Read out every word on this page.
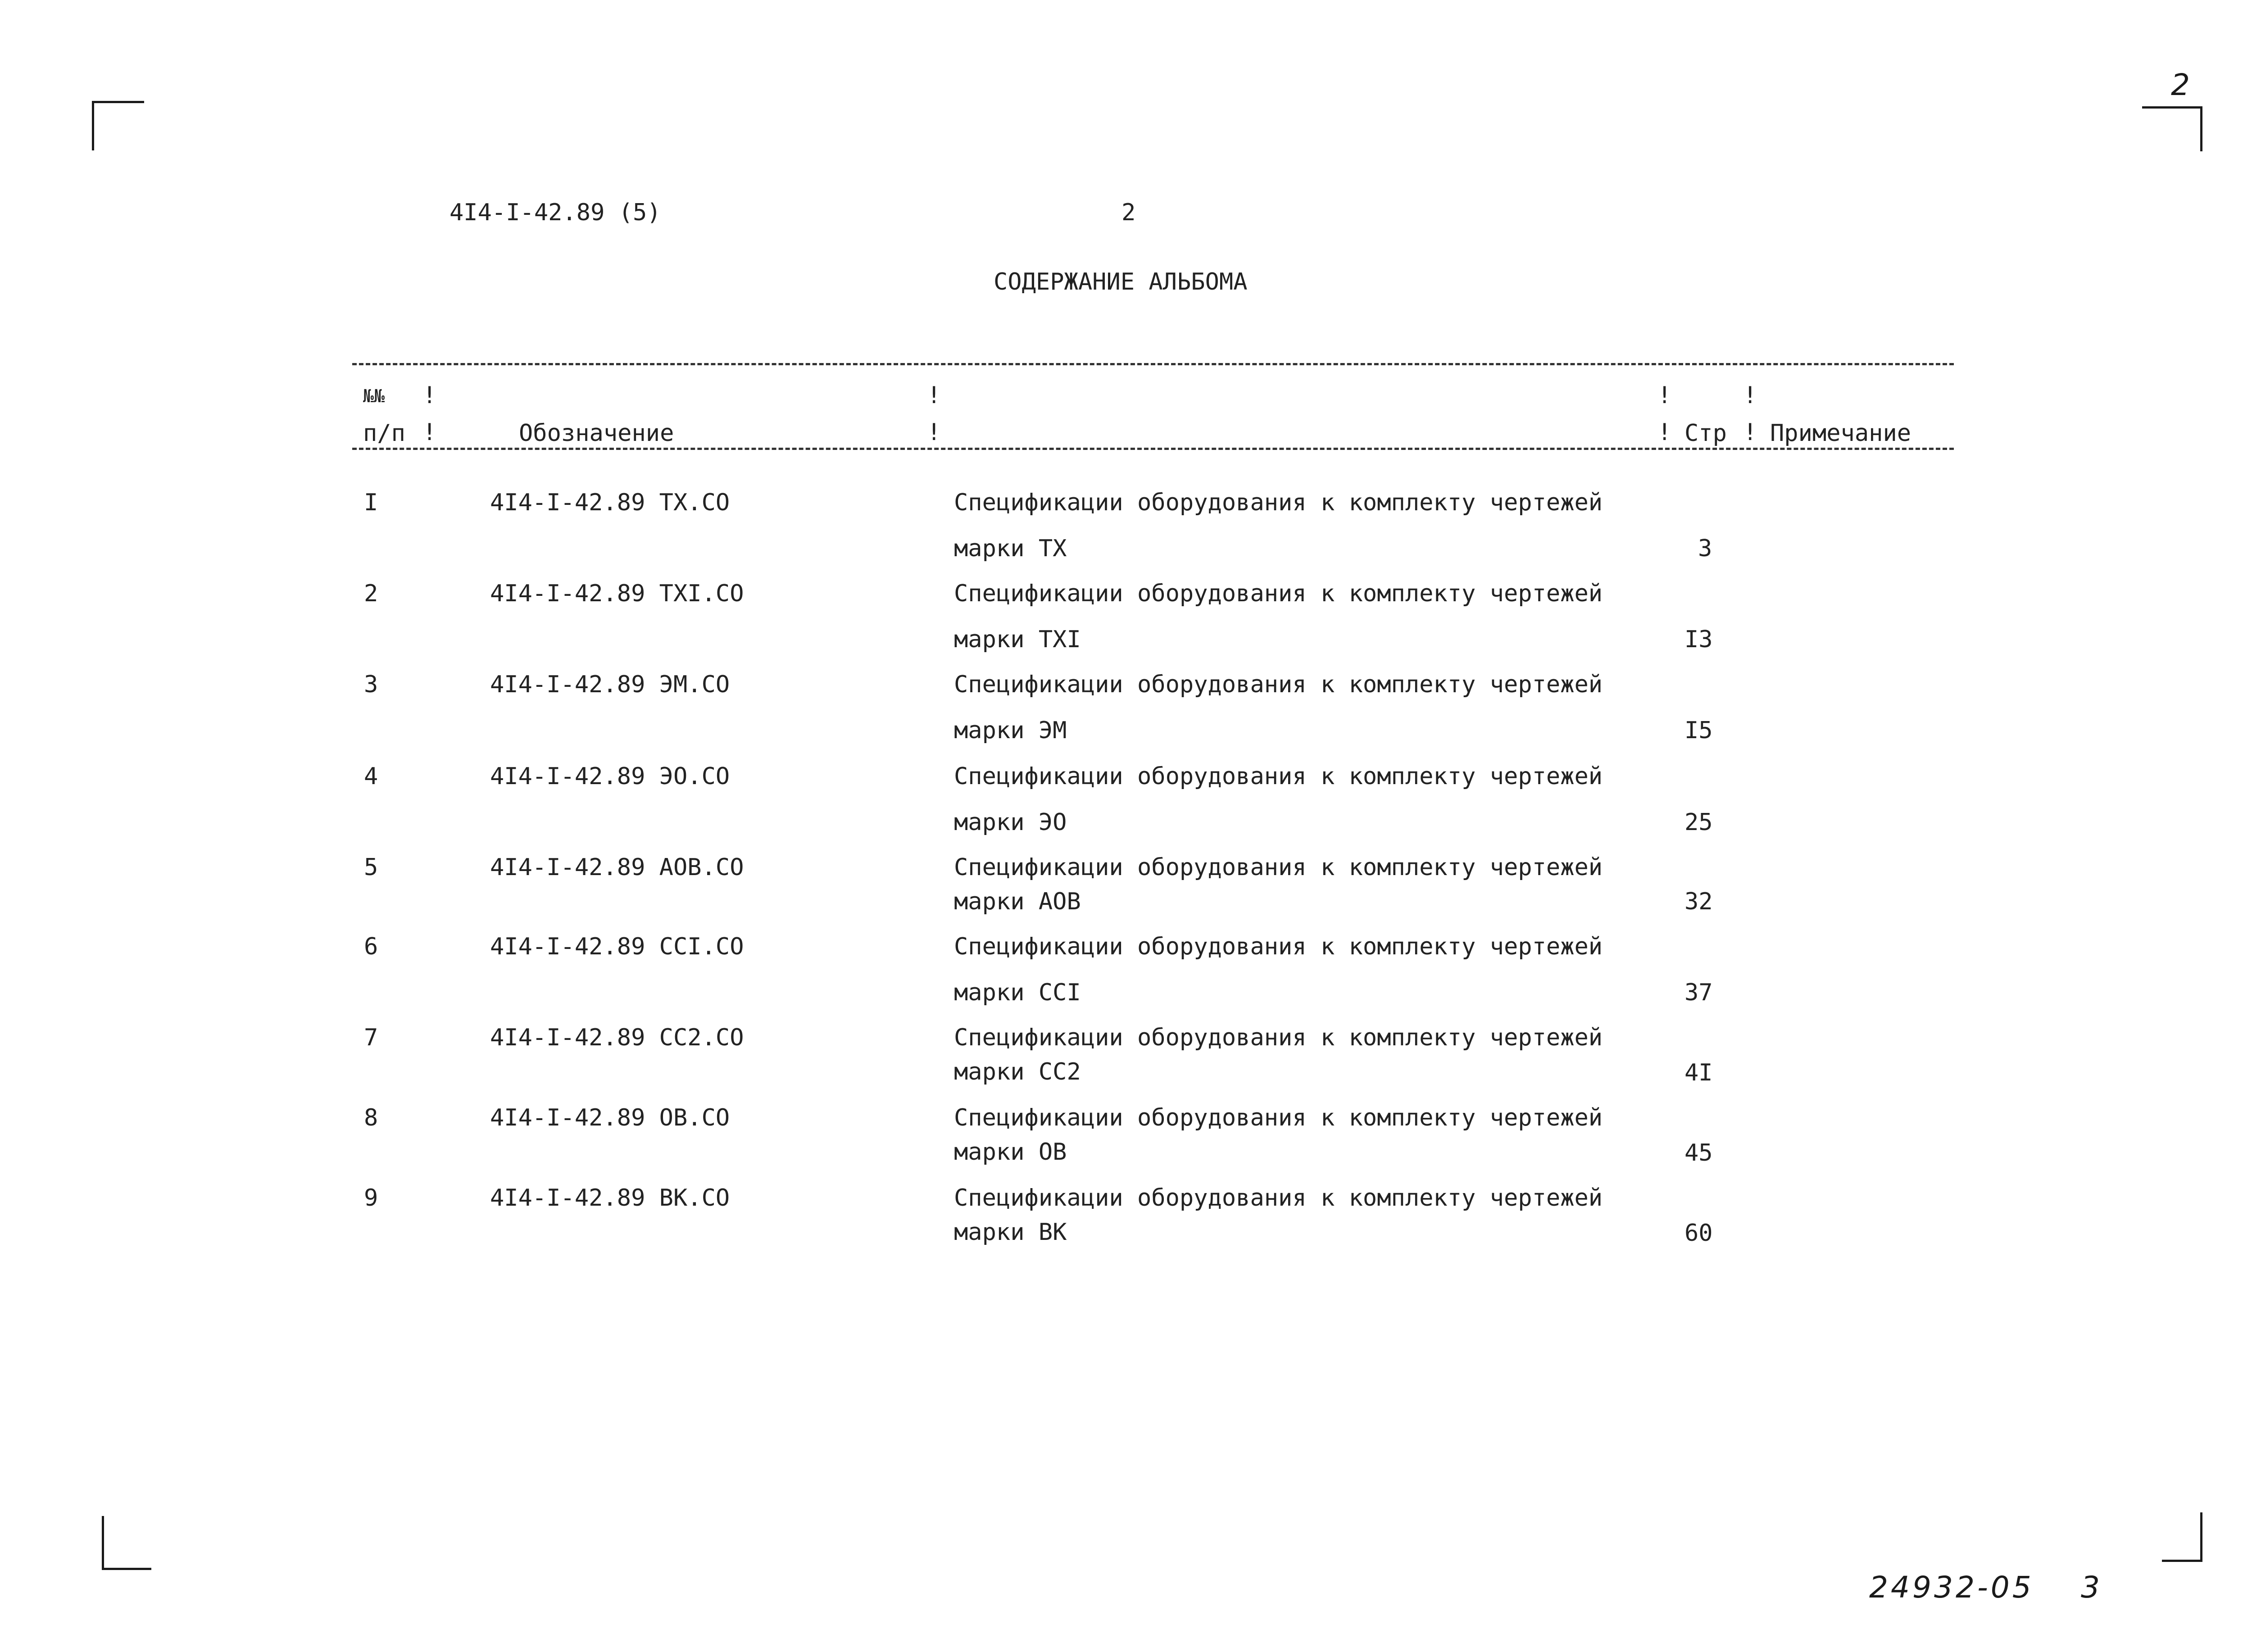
2
4I4-I-42.89 (5)	2
СОДЕРЖАНИЕ АЛЬБОМА
№№
п/п	Обозначение	Стр Примечание
!
!
!
!
!
!
!
!
I	4I4-I-42.89 TX.CO	Спецификации оборудования к комплекту чертежей
марки TX	3
2	4I4-I-42.89 TXI.CO	Спецификации оборудования к комплекту чертежей
марки TXI	I3
3	4I4-I-42.89 ЭМ.CO	Спецификации оборудования к комплекту чертежей
марки ЭМ	I5
4	4I4-I-42.89 ЭO.CO	Спецификации оборудования к комплекту чертежей
марки ЭO	25
5	4I4-I-42.89 AOB.CO	Спецификации оборудования к комплекту чертежей
марки AOB	32
6	4I4-I-42.89 CCI.CO	Спецификации оборудования к комплекту чертежей
марки CCI	37
7	4I4-I-42.89 CC2.CO	Спецификации оборудования к комплекту чертежей
марки CC2	4I
8	4I4-I-42.89 OB.CO	Спецификации оборудования к комплекту чертежей
марки OB	45
9	4I4-I-42.89 BK.CO	Спецификации оборудования к комплекту чертежей
марки BK	60
24932-05 3
